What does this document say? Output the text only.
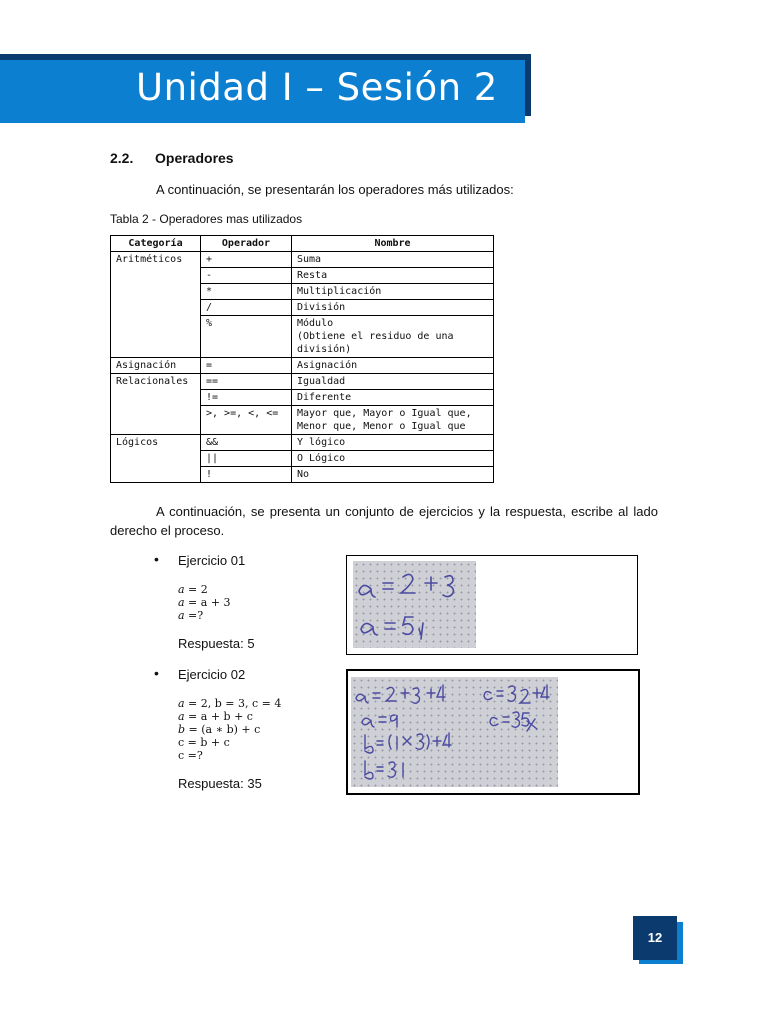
Unidad I – Sesión 2
2.2. Operadores
A continuación, se presentarán los operadores más utilizados:
Tabla 2 - Operadores mas utilizados
Categoría	Operador	Nombre
Aritméticos	+	Suma
	-	Resta
	*	Multiplicación
	/	División
	%	Módulo
(Obtiene el residuo de una
división)
Asignación	=	Asignación
Relacionales	==	Igualdad
	!=	Diferente
	>, >=, <, <=	Mayor que, Mayor o Igual que,
Menor que, Menor o Igual que
Lógicos	&&	Y lógico
	||	O Lógico
	!	No
A continuación, se presenta un conjunto de ejercicios y la respuesta, escribe al lado derecho el proceso.
• Ejercicio 01
𝑎 = 2
𝑎 = a + 3
𝑎 =?
Respuesta: 5
• Ejercicio 02
𝑎 = 2, b = 3, c = 4
𝑎 = a + b + c
𝑏 = (a ∗ b) + c
c = b + c
c =?
Respuesta: 35
12
